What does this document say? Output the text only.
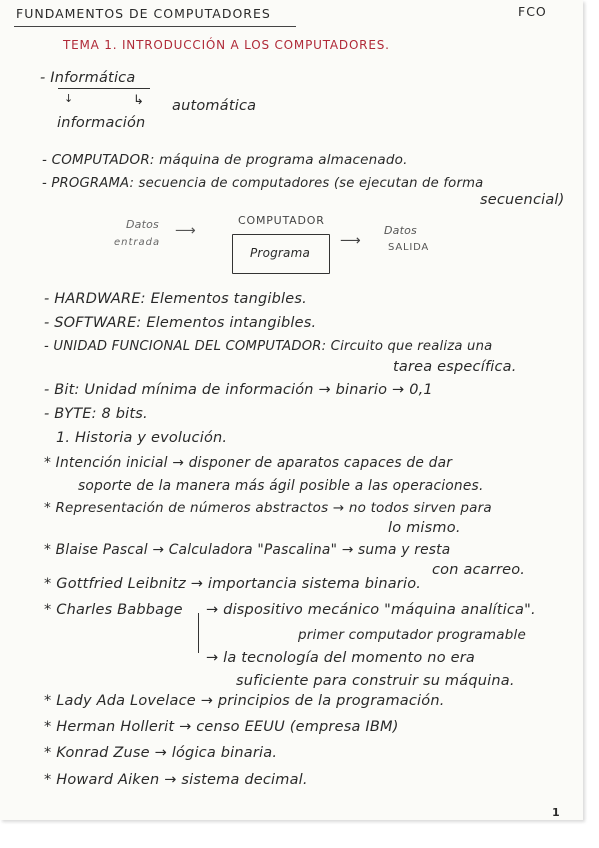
FUNDAMENTOS DE COMPUTADORES	FCO
TEMA 1. INTRODUCCIÓN A LOS COMPUTADORES.
- Informática
↓	↳ automática
información
- COMPUTADOR: máquina de programa almacenado.
- PROGRAMA: secuencia de computadores (se ejecutan de forma
secuencial)
Datos
entrada
⟶
COMPUTADOR
Programa
⟶
Datos
SALIDA
- HARDWARE: Elementos tangibles.
- SOFTWARE: Elementos intangibles.
- UNIDAD FUNCIONAL DEL COMPUTADOR: Circuito que realiza una
tarea específica.
- Bit: Unidad mínima de información → binario → 0,1
- BYTE: 8 bits.
1. Historia y evolución.
* Intención inicial → disponer de aparatos capaces de dar
soporte de la manera más ágil posible a las operaciones.
* Representación de números abstractos → no todos sirven para
lo mismo.
* Blaise Pascal → Calculadora "Pascalina" → suma y resta
con acarreo.
* Gottfried Leibnitz → importancia sistema binario.
* Charles Babbage → dispositivo mecánico "máquina analítica".
primer computador programable
→ la tecnología del momento no era
suficiente para construir su máquina.
* Lady Ada Lovelace → principios de la programación.
* Herman Hollerit → censo EEUU (empresa IBM)
* Konrad Zuse → lógica binaria.
* Howard Aiken → sistema decimal.
1
